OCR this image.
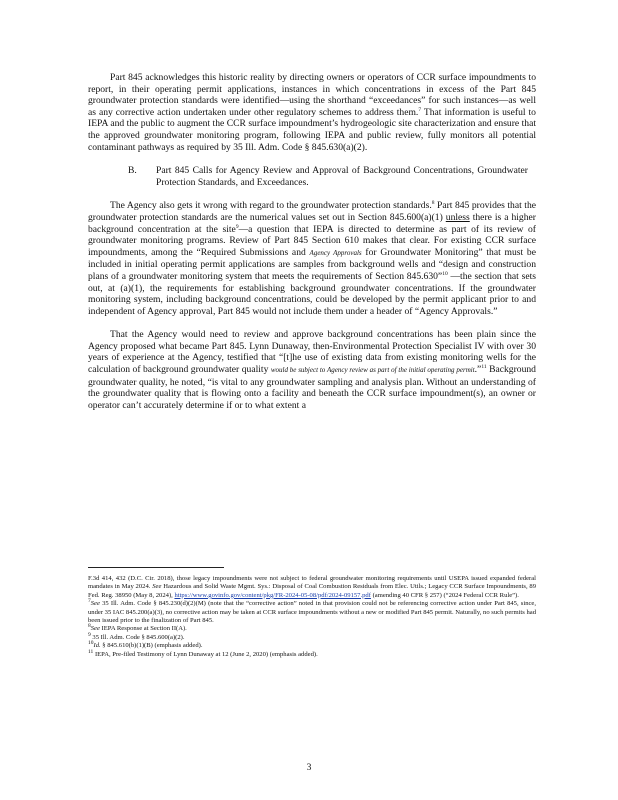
Part 845 acknowledges this historic reality by directing owners or operators of CCR surface impoundments to report, in their operating permit applications, instances in which concentrations in excess of the Part 845 groundwater protection standards were identified—using the shorthand “exceedances” for such instances—as well as any corrective action undertaken under other regulatory schemes to address them.$^7$ That information is useful to IEPA and the public to augment the CCR surface impoundment’s hydrogeologic site characterization and ensure that the approved groundwater monitoring program, following IEPA and public review, fully monitors all potential contaminant pathways as required by 35 Ill. Adm. Code § 845.630(a)(2).

B.	Part 845 Calls for Agency Review and Approval of Background Concentrations, Groundwater Protection Standards, and Exceedances.

The Agency also gets it wrong with regard to the groundwater protection standards.$^8$ Part 845 provides that the groundwater protection standards are the numerical values set out in Section 845.600(a)(1) unless there is a higher background concentration at the site$^9$—a question that IEPA is directed to determine as part of its review of groundwater monitoring programs. Review of Part 845 Section 610 makes that clear. For existing CCR surface impoundments, among the “Required Submissions and Agency Approvals for Groundwater Monitoring” that must be included in initial operating permit applications are samples from background wells and “design and construction plans of a groundwater monitoring system that meets the requirements of Section 845.630”$^{10}$ —the section that sets out, at (a)(1), the requirements for establishing background groundwater concentrations. If the groundwater monitoring system, including background concentrations, could be developed by the permit applicant prior to and independent of Agency approval, Part 845 would not include them under a header of “Agency Approvals.”

That the Agency would need to review and approve background concentrations has been plain since the Agency proposed what became Part 845. Lynn Dunaway, then-Environmental Protection Specialist IV with over 30 years of experience at the Agency, testified that “[t]he use of existing data from existing monitoring wells for the calculation of background groundwater quality would be subject to Agency review as part of the initial operating permit.”$^{11}$ Background groundwater quality, he noted, “is vital to any groundwater sampling and analysis plan. Without an understanding of the groundwater quality that is flowing onto a facility and beneath the CCR surface impoundment(s), an owner or operator can’t accurately determine if or to what extent a

F.3d 414, 432 (D.C. Cir. 2018), those legacy impoundments were not subject to federal groundwater monitoring requirements until USEPA issued expanded federal mandates in May 2024. See Hazardous and Solid Waste Mgmt. Sys.: Disposal of Coal Combustion Residuals from Elec. Utils.; Legacy CCR Surface Impoundments, 89 Fed. Reg. 38950 (May 8, 2024), https://www.govinfo.gov/content/pkg/FR-2024-05-08/pdf/2024-09157.pdf (amending 40 CFR § 257) (“2024 Federal CCR Rule”).

$^7$See 35 Ill. Adm. Code § 845.230(d)(2)(M) (note that the “corrective action” noted in that provision could not be referencing corrective action under Part 845, since, under 35 IAC 845.200(a)(3), no corrective action may be taken at CCR surface impoundments without a new or modified Part 845 permit. Naturally, no such permits had been issued prior to the finalization of Part 845.

$^8$See IEPA Response at Section II(A).

$^9$ 35 Ill. Adm. Code § 845.600(a)(2).

$^{10}$Id. § 845.610(b)(1)(B) (emphasis added).

$^{11}$ IEPA, Pre-filed Testimony of Lynn Dunaway at 12 (June 2, 2020) (emphasis added).

3
